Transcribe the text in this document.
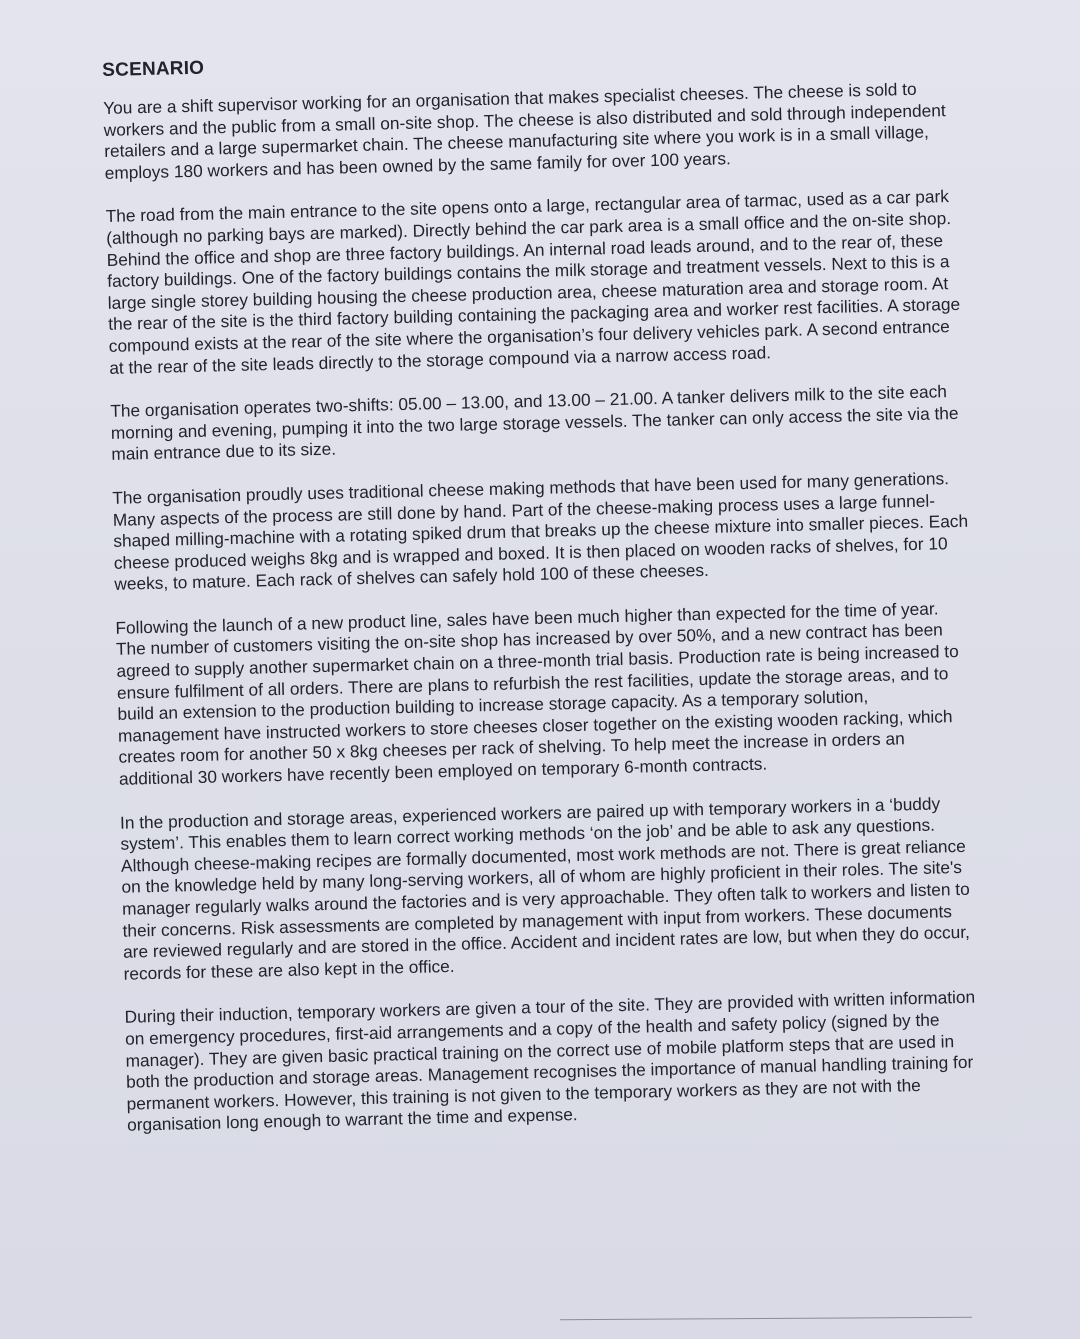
SCENARIO

You are a shift supervisor working for an organisation that makes specialist cheeses. The cheese is sold to workers and the public from a small on-site shop. The cheese is also distributed and sold through independent retailers and a large supermarket chain. The cheese manufacturing site where you work is in a small village, employs 180 workers and has been owned by the same family for over 100 years.

The road from the main entrance to the site opens onto a large, rectangular area of tarmac, used as a car park (although no parking bays are marked). Directly behind the car park area is a small office and the on-site shop. Behind the office and shop are three factory buildings. An internal road leads around, and to the rear of, these factory buildings. One of the factory buildings contains the milk storage and treatment vessels. Next to this is a large single storey building housing the cheese production area, cheese maturation area and storage room. At the rear of the site is the third factory building containing the packaging area and worker rest facilities. A storage compound exists at the rear of the site where the organisation’s four delivery vehicles park. A second entrance at the rear of the site leads directly to the storage compound via a narrow access road.

The organisation operates two-shifts: 05.00 – 13.00, and 13.00 – 21.00. A tanker delivers milk to the site each morning and evening, pumping it into the two large storage vessels. The tanker can only access the site via the main entrance due to its size.

The organisation proudly uses traditional cheese making methods that have been used for many generations. Many aspects of the process are still done by hand. Part of the cheese-making process uses a large funnel-shaped milling-machine with a rotating spiked drum that breaks up the cheese mixture into smaller pieces. Each cheese produced weighs 8kg and is wrapped and boxed. It is then placed on wooden racks of shelves, for 10 weeks, to mature. Each rack of shelves can safely hold 100 of these cheeses.

Following the launch of a new product line, sales have been much higher than expected for the time of year. The number of customers visiting the on-site shop has increased by over 50%, and a new contract has been agreed to supply another supermarket chain on a three-month trial basis. Production rate is being increased to ensure fulfilment of all orders. There are plans to refurbish the rest facilities, update the storage areas, and to build an extension to the production building to increase storage capacity. As a temporary solution, management have instructed workers to store cheeses closer together on the existing wooden racking, which creates room for another 50 x 8kg cheeses per rack of shelving. To help meet the increase in orders an additional 30 workers have recently been employed on temporary 6-month contracts.

In the production and storage areas, experienced workers are paired up with temporary workers in a ‘buddy system’. This enables them to learn correct working methods ‘on the job’ and be able to ask any questions. Although cheese-making recipes are formally documented, most work methods are not. There is great reliance on the knowledge held by many long-serving workers, all of whom are highly proficient in their roles. The site's manager regularly walks around the factories and is very approachable. They often talk to workers and listen to their concerns. Risk assessments are completed by management with input from workers. These documents are reviewed regularly and are stored in the office. Accident and incident rates are low, but when they do occur, records for these are also kept in the office.

During their induction, temporary workers are given a tour of the site. They are provided with written information on emergency procedures, first-aid arrangements and a copy of the health and safety policy (signed by the manager). They are given basic practical training on the correct use of mobile platform steps that are used in both the production and storage areas. Management recognises the importance of manual handling training for permanent workers. However, this training is not given to the temporary workers as they are not with the organisation long enough to warrant the time and expense.
